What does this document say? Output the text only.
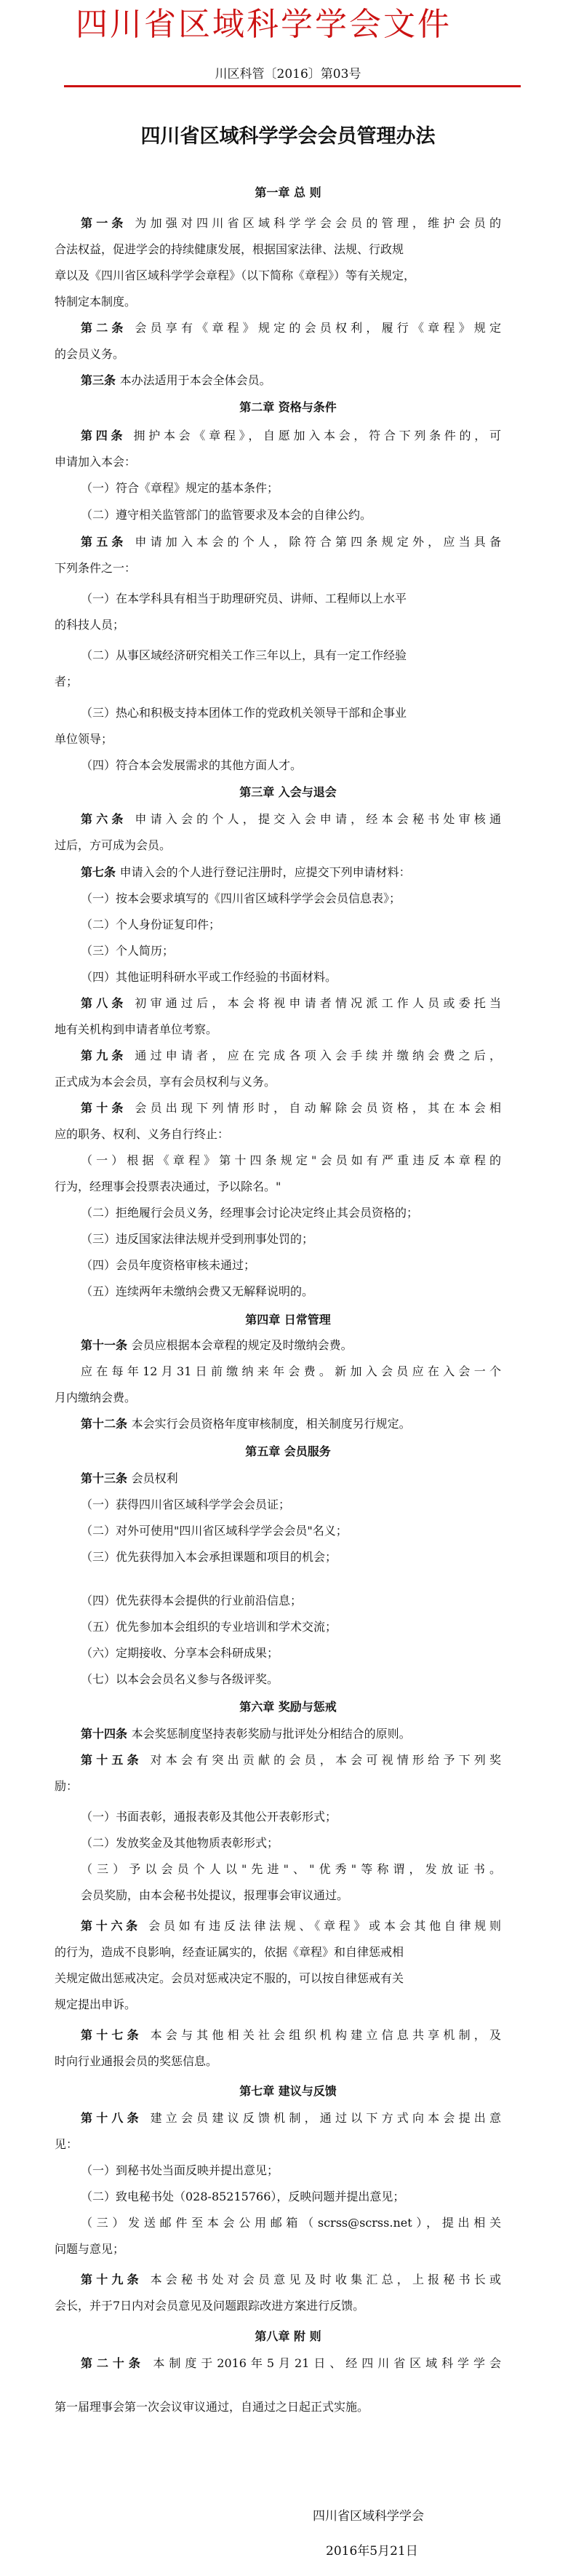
四川省区域科学学会文件
川区科管〔2016〕第03号
四川省区域科学学会会员管理办法
第一章 总 则
第一条 为加强对四川省区域科学学会会员的管理，维护会员的
合法权益，促进学会的持续健康发展，根据国家法律、法规、行政规
章以及《四川省区域科学学会章程》（以下简称《章程》）等有关规定，
特制定本制度。
第二条 会员享有《章程》规定的会员权利，履行《章程》规定
的会员义务。
第三条 本办法适用于本会全体会员。
第二章 资格与条件
第四条 拥护本会《章程》，自愿加入本会，符合下列条件的，可
申请加入本会：
（一）符合《章程》规定的基本条件；
（二）遵守相关监管部门的监管要求及本会的自律公约。
第五条 申请加入本会的个人，除符合第四条规定外，应当具备
下列条件之一：
（一）在本学科具有相当于助理研究员、讲师、工程师以上水平
的科技人员；
（二）从事区域经济研究相关工作三年以上，具有一定工作经验
者；
（三）热心和积极支持本团体工作的党政机关领导干部和企事业
单位领导；
（四）符合本会发展需求的其他方面人才。
第三章 入会与退会
第六条 申请入会的个人，提交入会申请，经本会秘书处审核通
过后，方可成为会员。
第七条 申请入会的个人进行登记注册时，应提交下列申请材料：
（一）按本会要求填写的《四川省区域科学学会会员信息表》；
（二）个人身份证复印件；
（三）个人简历；
（四）其他证明科研水平或工作经验的书面材料。
第八条 初审通过后，本会将视申请者情况派工作人员或委托当
地有关机构到申请者单位考察。
第九条 通过申请者，应在完成各项入会手续并缴纳会费之后，
正式成为本会会员，享有会员权利与义务。
第十条 会员出现下列情形时，自动解除会员资格，其在本会相
应的职务、权利、义务自行终止：
（一）根据《章程》第十四条规定"会员如有严重违反本章程的
行为，经理事会投票表决通过，予以除名。"
（二）拒绝履行会员义务，经理事会讨论决定终止其会员资格的；
（三）违反国家法律法规并受到刑事处罚的；
（四）会员年度资格审核未通过；
（五）连续两年未缴纳会费又无解释说明的。
第四章 日常管理
第十一条 会员应根据本会章程的规定及时缴纳会费。
应在每年12月31日前缴纳来年会费。新加入会员应在入会一个
月内缴纳会费。
第十二条 本会实行会员资格年度审核制度，相关制度另行规定。
第五章 会员服务
第十三条 会员权利
（一）获得四川省区域科学学会会员证；
（二）对外可使用"四川省区域科学学会会员"名义；
（三）优先获得加入本会承担课题和项目的机会；
（四）优先获得本会提供的行业前沿信息；
（五）优先参加本会组织的专业培训和学术交流；
（六）定期接收、分享本会科研成果；
（七）以本会会员名义参与各级评奖。
第六章 奖励与惩戒
第十四条 本会奖惩制度坚持表彰奖励与批评处分相结合的原则。
第十五条 对本会有突出贡献的会员，本会可视情形给予下列奖
励：
（一）书面表彰，通报表彰及其他公开表彰形式；
（二）发放奖金及其他物质表彰形式；
（三）予以会员个人以"先进"、"优秀"等称谓，发放证书。
会员奖励，由本会秘书处提议，报理事会审议通过。
第十六条 会员如有违反法律法规、《章程》或本会其他自律规则
的行为，造成不良影响，经查证属实的，依据《章程》和自律惩戒相
关规定做出惩戒决定。会员对惩戒决定不服的，可以按自律惩戒有关
规定提出申诉。
第十七条 本会与其他相关社会组织机构建立信息共享机制，及
时向行业通报会员的奖惩信息。
第七章 建议与反馈
第十八条 建立会员建议反馈机制，通过以下方式向本会提出意
见：
（一）到秘书处当面反映并提出意见；
（二）致电秘书处（028-85215766），反映问题并提出意见；
（三）发送邮件至本会公用邮箱（scrss@scrss.net），提出相关
问题与意见；
第十九条 本会秘书处对会员意见及时收集汇总，上报秘书长或
会长，并于7日内对会员意见及问题跟踪改进方案进行反馈。
第八章 附 则
第二十条 本制度于2016年5月21日、经四川省区域科学学会
第一届理事会第一次会议审议通过，自通过之日起正式实施。
四川省区域科学学会
2016年5月21日
